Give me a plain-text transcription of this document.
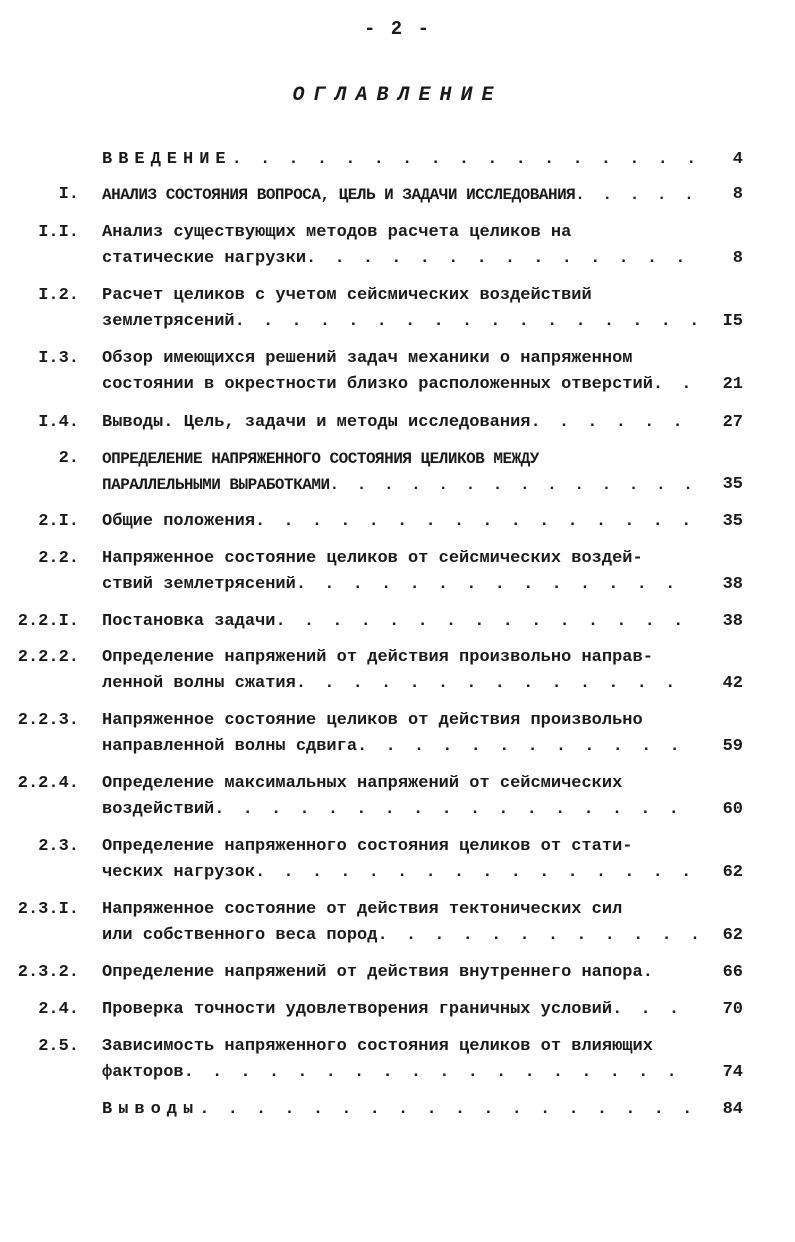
- 2 -
ОГЛАВЛЕНИЕ
ВВЕДЕНИЕ . . .	4
I. АНАЛИЗ СОСТОЯНИЯ ВОПРОСА, ЦЕЛЬ И ЗАДАЧИ ИССЛЕДОВАНИЯ . . .	8
I.I. Анализ существующих методов расчета целиков на
статические нагрузки . . .	8
I.2. Расчет целиков с учетом сейсмических воздействий
землетрясений . . .	I5
I.3. Обзор имеющихся решений задач механики о напряженном
состоянии в окрестности близко расположенных отверстий . . .	21
I.4. Выводы. Цель, задачи и методы исследования . . .	27
2. ОПРЕДЕЛЕНИЕ НАПРЯЖЕННОГО СОСТОЯНИЯ ЦЕЛИКОВ МЕЖДУ
ПАРАЛЛЕЛЬНЫМИ ВЫРАБОТКАМИ . . .	35
2.I. Общие положения . . .	35
2.2. Напряженное состояние целиков от сейсмических воздей-
ствий землетрясений . . .	38
2.2.I. Постановка задачи . . .	38
2.2.2. Определение напряжений от действия произвольно направ-
ленной волны сжатия . . .	42
2.2.3. Напряженное состояние целиков от действия произвольно
направленной волны сдвига . . .	59
2.2.4. Определение максимальных напряжений от сейсмических
воздействий . . .	60
2.3. Определение напряженного состояния целиков от стати-
ческих нагрузок . . .	62
2.3.I. Напряженное состояние от действия тектонических сил
или собственного веса пород . . .	62
2.3.2. Определение напряжений от действия внутреннего напора.	66
2.4. Проверка точности удовлетворения граничных условий . . .	70
2.5. Зависимость напряженного состояния целиков от влияющих
факторов . . .	74
Выводы . . .	84
